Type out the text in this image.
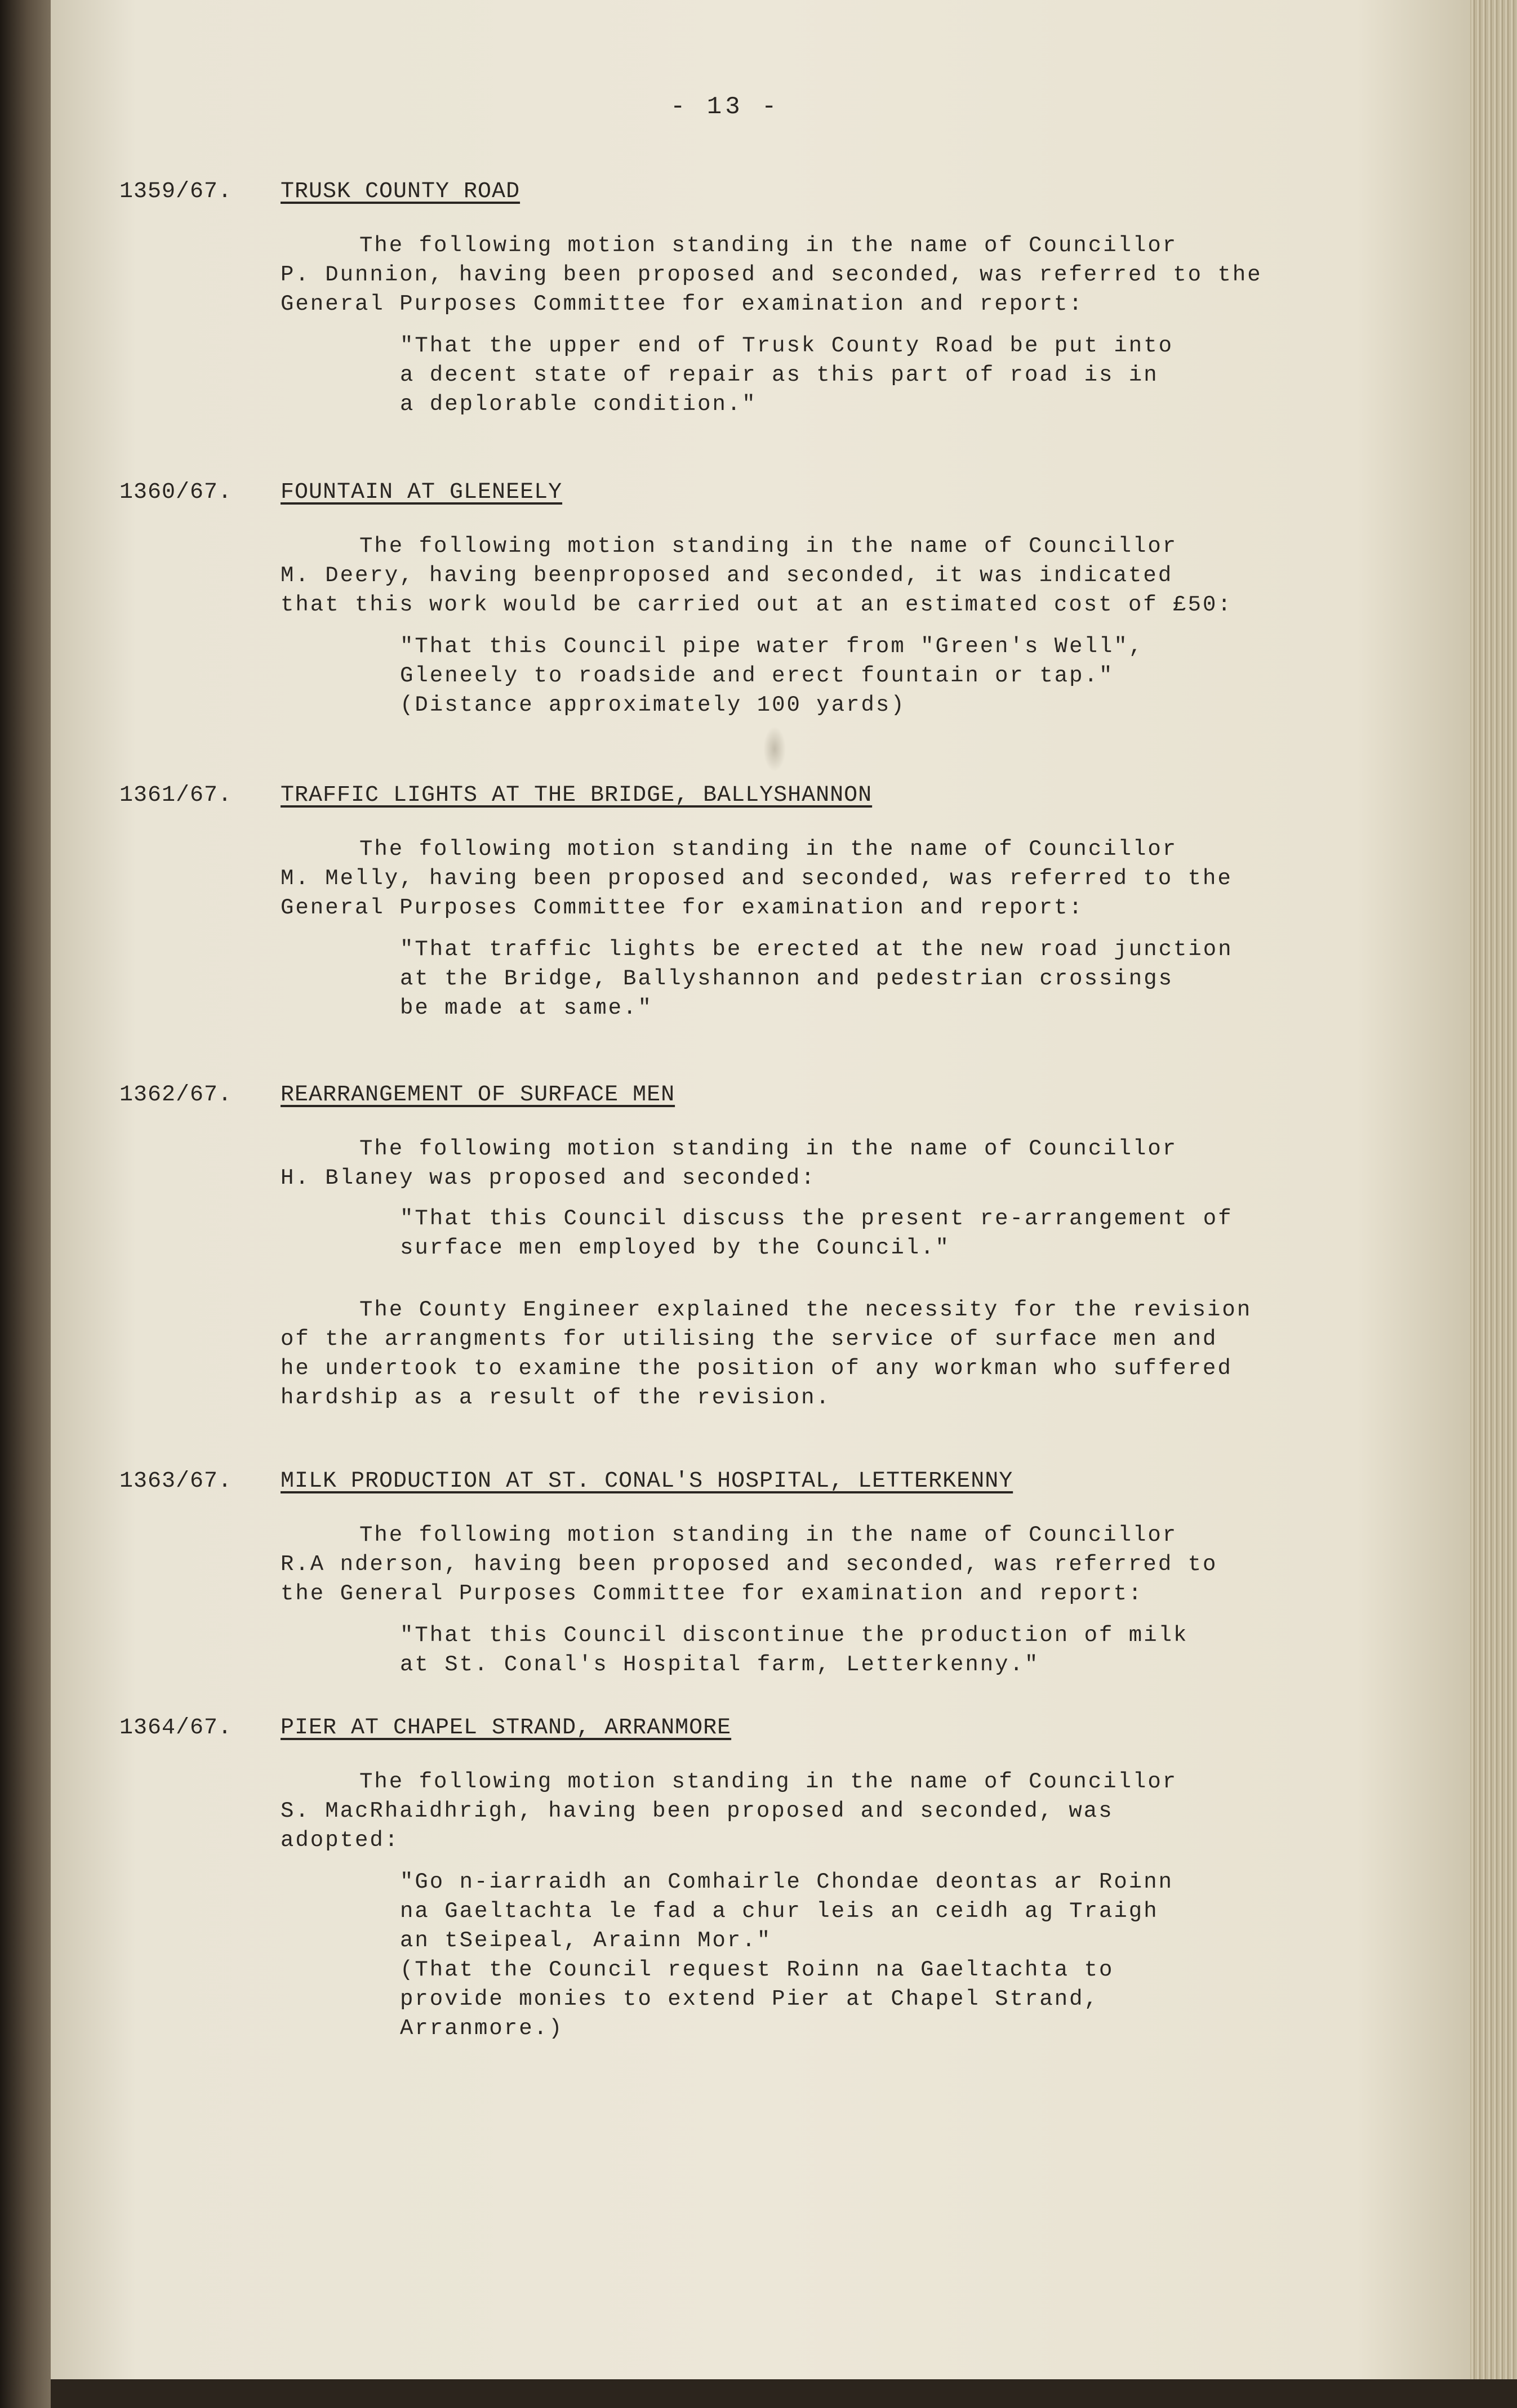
- 13 -
1359/67. TRUSK COUNTY ROAD
The following motion standing in the name of Councillor
P. Dunnion, having been proposed and seconded, was referred to the
General Purposes Committee for examination and report:
"That the upper end of Trusk County Road be put into
a decent state of repair as this part of road is in
a deplorable condition."
1360/67. FOUNTAIN AT GLENEELY
The following motion standing in the name of Councillor
M. Deery, having beenproposed and seconded, it was indicated
that this work would be carried out at an estimated cost of £50:
"That this Council pipe water from "Green's Well",
Gleneely to roadside and erect fountain or tap."
(Distance approximately 100 yards)
1361/67. TRAFFIC LIGHTS AT THE BRIDGE, BALLYSHANNON
The following motion standing in the name of Councillor
M. Melly, having been proposed and seconded, was referred to the
General Purposes Committee for examination and report:
"That traffic lights be erected at the new road junction
at the Bridge, Ballyshannon and pedestrian crossings
be made at same."
1362/67. REARRANGEMENT OF SURFACE MEN
The following motion standing in the name of Councillor
H. Blaney was proposed and seconded:
"That this Council discuss the present re-arrangement of
surface men employed by the Council."
The County Engineer explained the necessity for the revision
of the arrangments for utilising the service of surface men and
he undertook to examine the position of any workman who suffered
hardship as a result of the revision.
1363/67. MILK PRODUCTION AT ST. CONAL'S HOSPITAL, LETTERKENNY
The following motion standing in the name of Councillor
R.A nderson, having been proposed and seconded, was referred to
the General Purposes Committee for examination and report:
"That this Council discontinue the production of milk
at St. Conal's Hospital farm, Letterkenny."
1364/67. PIER AT CHAPEL STRAND, ARRANMORE
The following motion standing in the name of Councillor
S. MacRhaidhrigh, having been proposed and seconded, was
adopted:
"Go n-iarraidh an Comhairle Chondae deontas ar Roinn
na Gaeltachta le fad a chur leis an ceidh ag Traigh
an tSeipeal, Arainn Mor."
(That the Council request Roinn na Gaeltachta to
provide monies to extend Pier at Chapel Strand,
Arranmore.)
